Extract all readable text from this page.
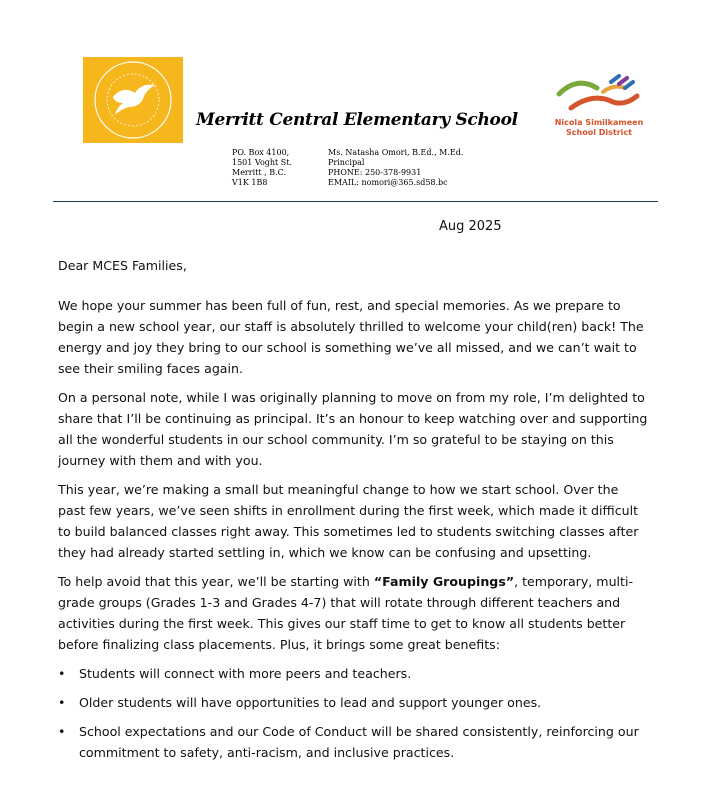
Nicola Similkameen
School District
Merritt Central Elementary School
PO. Box 4100,
1501 Voght St.
Merritt , B.C.
V1K 1B8
Ms. Natasha Omori, B.Ed., M.Ed.
Principal
PHONE: 250-378-9931
EMAIL: nomori@365.sd58.bc
Aug 2025

Dear MCES Families,

We hope your summer has been full of fun, rest, and special memories. As we prepare to begin a new school year, our staff is absolutely thrilled to welcome your child(ren) back! The energy and joy they bring to our school is something we’ve all missed, and we can’t wait to see their smiling faces again.

On a personal note, while I was originally planning to move on from my role, I’m delighted to share that I’ll be continuing as principal. It’s an honour to keep watching over and supporting all the wonderful students in our school community. I’m so grateful to be staying on this journey with them and with you.

This year, we’re making a small but meaningful change to how we start school. Over the past few years, we’ve seen shifts in enrollment during the first week, which made it difficult to build balanced classes right away. This sometimes led to students switching classes after they had already started settling in, which we know can be confusing and upsetting.

To help avoid that this year, we’ll be starting with “Family Groupings”, temporary, multi-grade groups (Grades 1-3 and Grades 4-7) that will rotate through different teachers and activities during the first week. This gives our staff time to get to know all students better before finalizing class placements. Plus, it brings some great benefits:

• Students will connect with more peers and teachers.
• Older students will have opportunities to lead and support younger ones.
• School expectations and our Code of Conduct will be shared consistently, reinforcing our commitment to safety, anti-racism, and inclusive practices.
